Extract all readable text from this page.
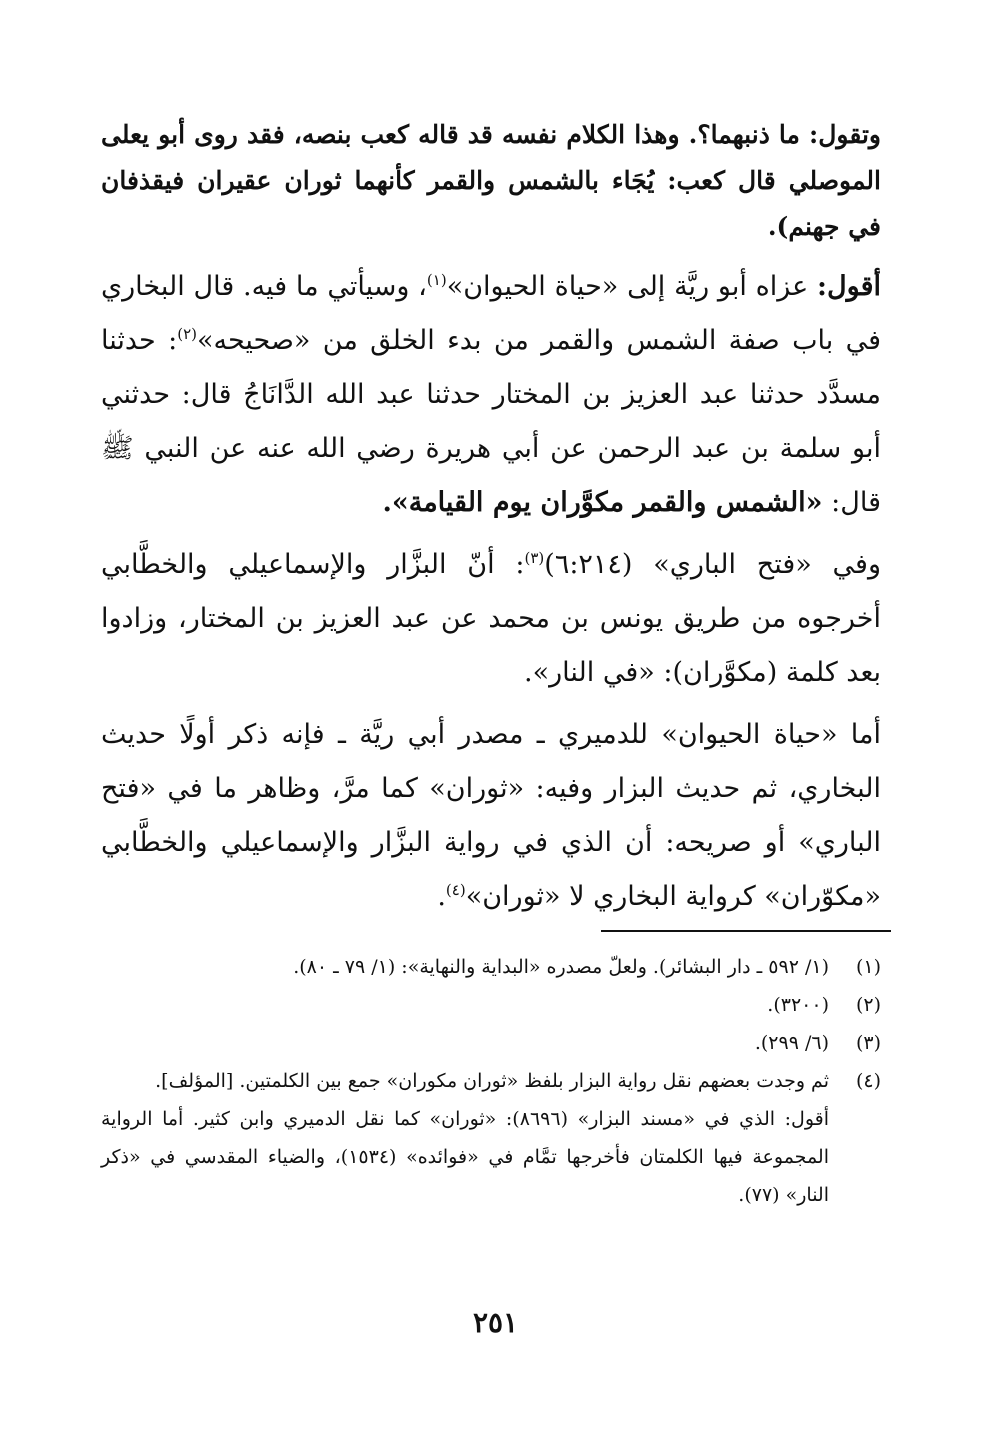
وتقول: ما ذنبهما؟. وهذا الكلام نفسه قد قاله كعب بنصه، فقد روى أبو يعلى الموصلي قال كعب: يُجَاء بالشمس والقمر كأنهما ثوران عقيران فيقذفان في جهنم).

أقول: عزاه أبو ريَّة إلى «حياة الحيوان»$^{(١)}$، وسيأتي ما فيه. قال البخاري في باب صفة الشمس والقمر من بدء الخلق من «صحيحه»$^{(٢)}$: حدثنا مسدَّد حدثنا عبد العزيز بن المختار حدثنا عبد الله الدَّانَاجُ قال: حدثني أبو سلمة بن عبد الرحمن عن أبي هريرة رضي الله عنه عن النبي ﷺ قال: «الشمس والقمر مكوَّران يوم القيامة».

وفي «فتح الباري» (٦:٢١٤)$^{(٣)}$: أنّ البزَّار والإسماعيلي والخطَّابي أخرجوه من طريق يونس بن محمد عن عبد العزيز بن المختار، وزادوا بعد كلمة (مكوَّران): «في النار».

أما «حياة الحيوان» للدميري ـ مصدر أبي ريَّة ـ فإنه ذكر أولًا حديث البخاري، ثم حديث البزار وفيه: «ثوران» كما مرَّ، وظاهر ما في «فتح الباري» أو صريحه: أن الذي في رواية البزَّار والإسماعيلي والخطَّابي «مكوّران» كرواية البخاري لا «ثوران»$^{(٤)}$.

(١)
(١/ ٥٩٢ ـ دار البشائر). ولعلّ مصدره «البداية والنهاية»: (١/ ٧٩ ـ ٨٠).
(٢)
(٣٢٠٠).
(٣)
(٦/ ٢٩٩).
(٤)
ثم وجدت بعضهم نقل رواية البزار بلفظ «ثوران مكوران» جمع بين الكلمتين. [المؤلف].
أقول: الذي في «مسند البزار» (٨٦٩٦): «ثوران» كما نقل الدميري وابن كثير. أما الرواية المجموعة فيها الكلمتان فأخرجها تمَّام في «فوائده» (١٥٣٤)، والضياء المقدسي في «ذكر النار» (٧٧).
٢٥١
